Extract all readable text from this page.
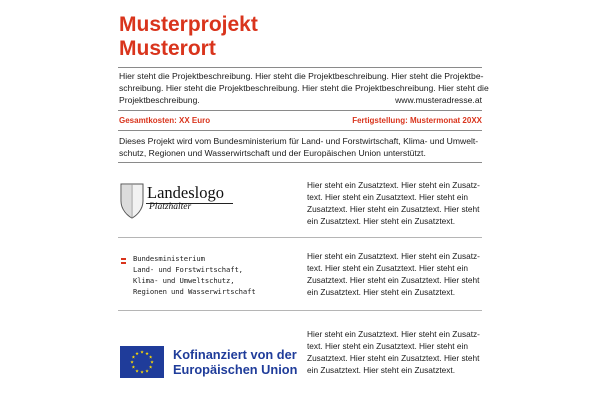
Musterprojekt
Musterort
Hier steht die Projektbeschreibung. Hier steht die Projektbeschreibung. Hier steht die Projektbe-
schreibung. Hier steht die Projektbeschreibung. Hier steht die Projektbeschreibung. Hier steht die
Projektbeschreibung.	www.musteradresse.at
Gesamtkosten: XX Euro	Fertigstellung: Mustermonat 20XX
Dieses Projekt wird vom Bundesministerium für Land- und Forstwirtschaft, Klima- und Umwelt-
schutz, Regionen und Wasserwirtschaft und der Europäischen Union unterstützt.
Landeslogo
Platzhalter
Hier steht ein Zusatztext. Hier steht ein Zusatz-
text. Hier steht ein Zusatztext. Hier steht ein
Zusatztext. Hier steht ein Zusatztext. Hier steht
ein Zusatztext. Hier steht ein Zusatztext.
Bundesministerium
Land- und Forstwirtschaft,
Klima- und Umweltschutz,
Regionen und Wasserwirtschaft
Hier steht ein Zusatztext. Hier steht ein Zusatz-
text. Hier steht ein Zusatztext. Hier steht ein
Zusatztext. Hier steht ein Zusatztext. Hier steht
ein Zusatztext. Hier steht ein Zusatztext.
★ ★
★
★
★
★
★
★
★
★
★
★	Kofinanziert von der
Europäischen Union
Hier steht ein Zusatztext. Hier steht ein Zusatz-
text. Hier steht ein Zusatztext. Hier steht ein
Zusatztext. Hier steht ein Zusatztext. Hier steht
ein Zusatztext. Hier steht ein Zusatztext.
